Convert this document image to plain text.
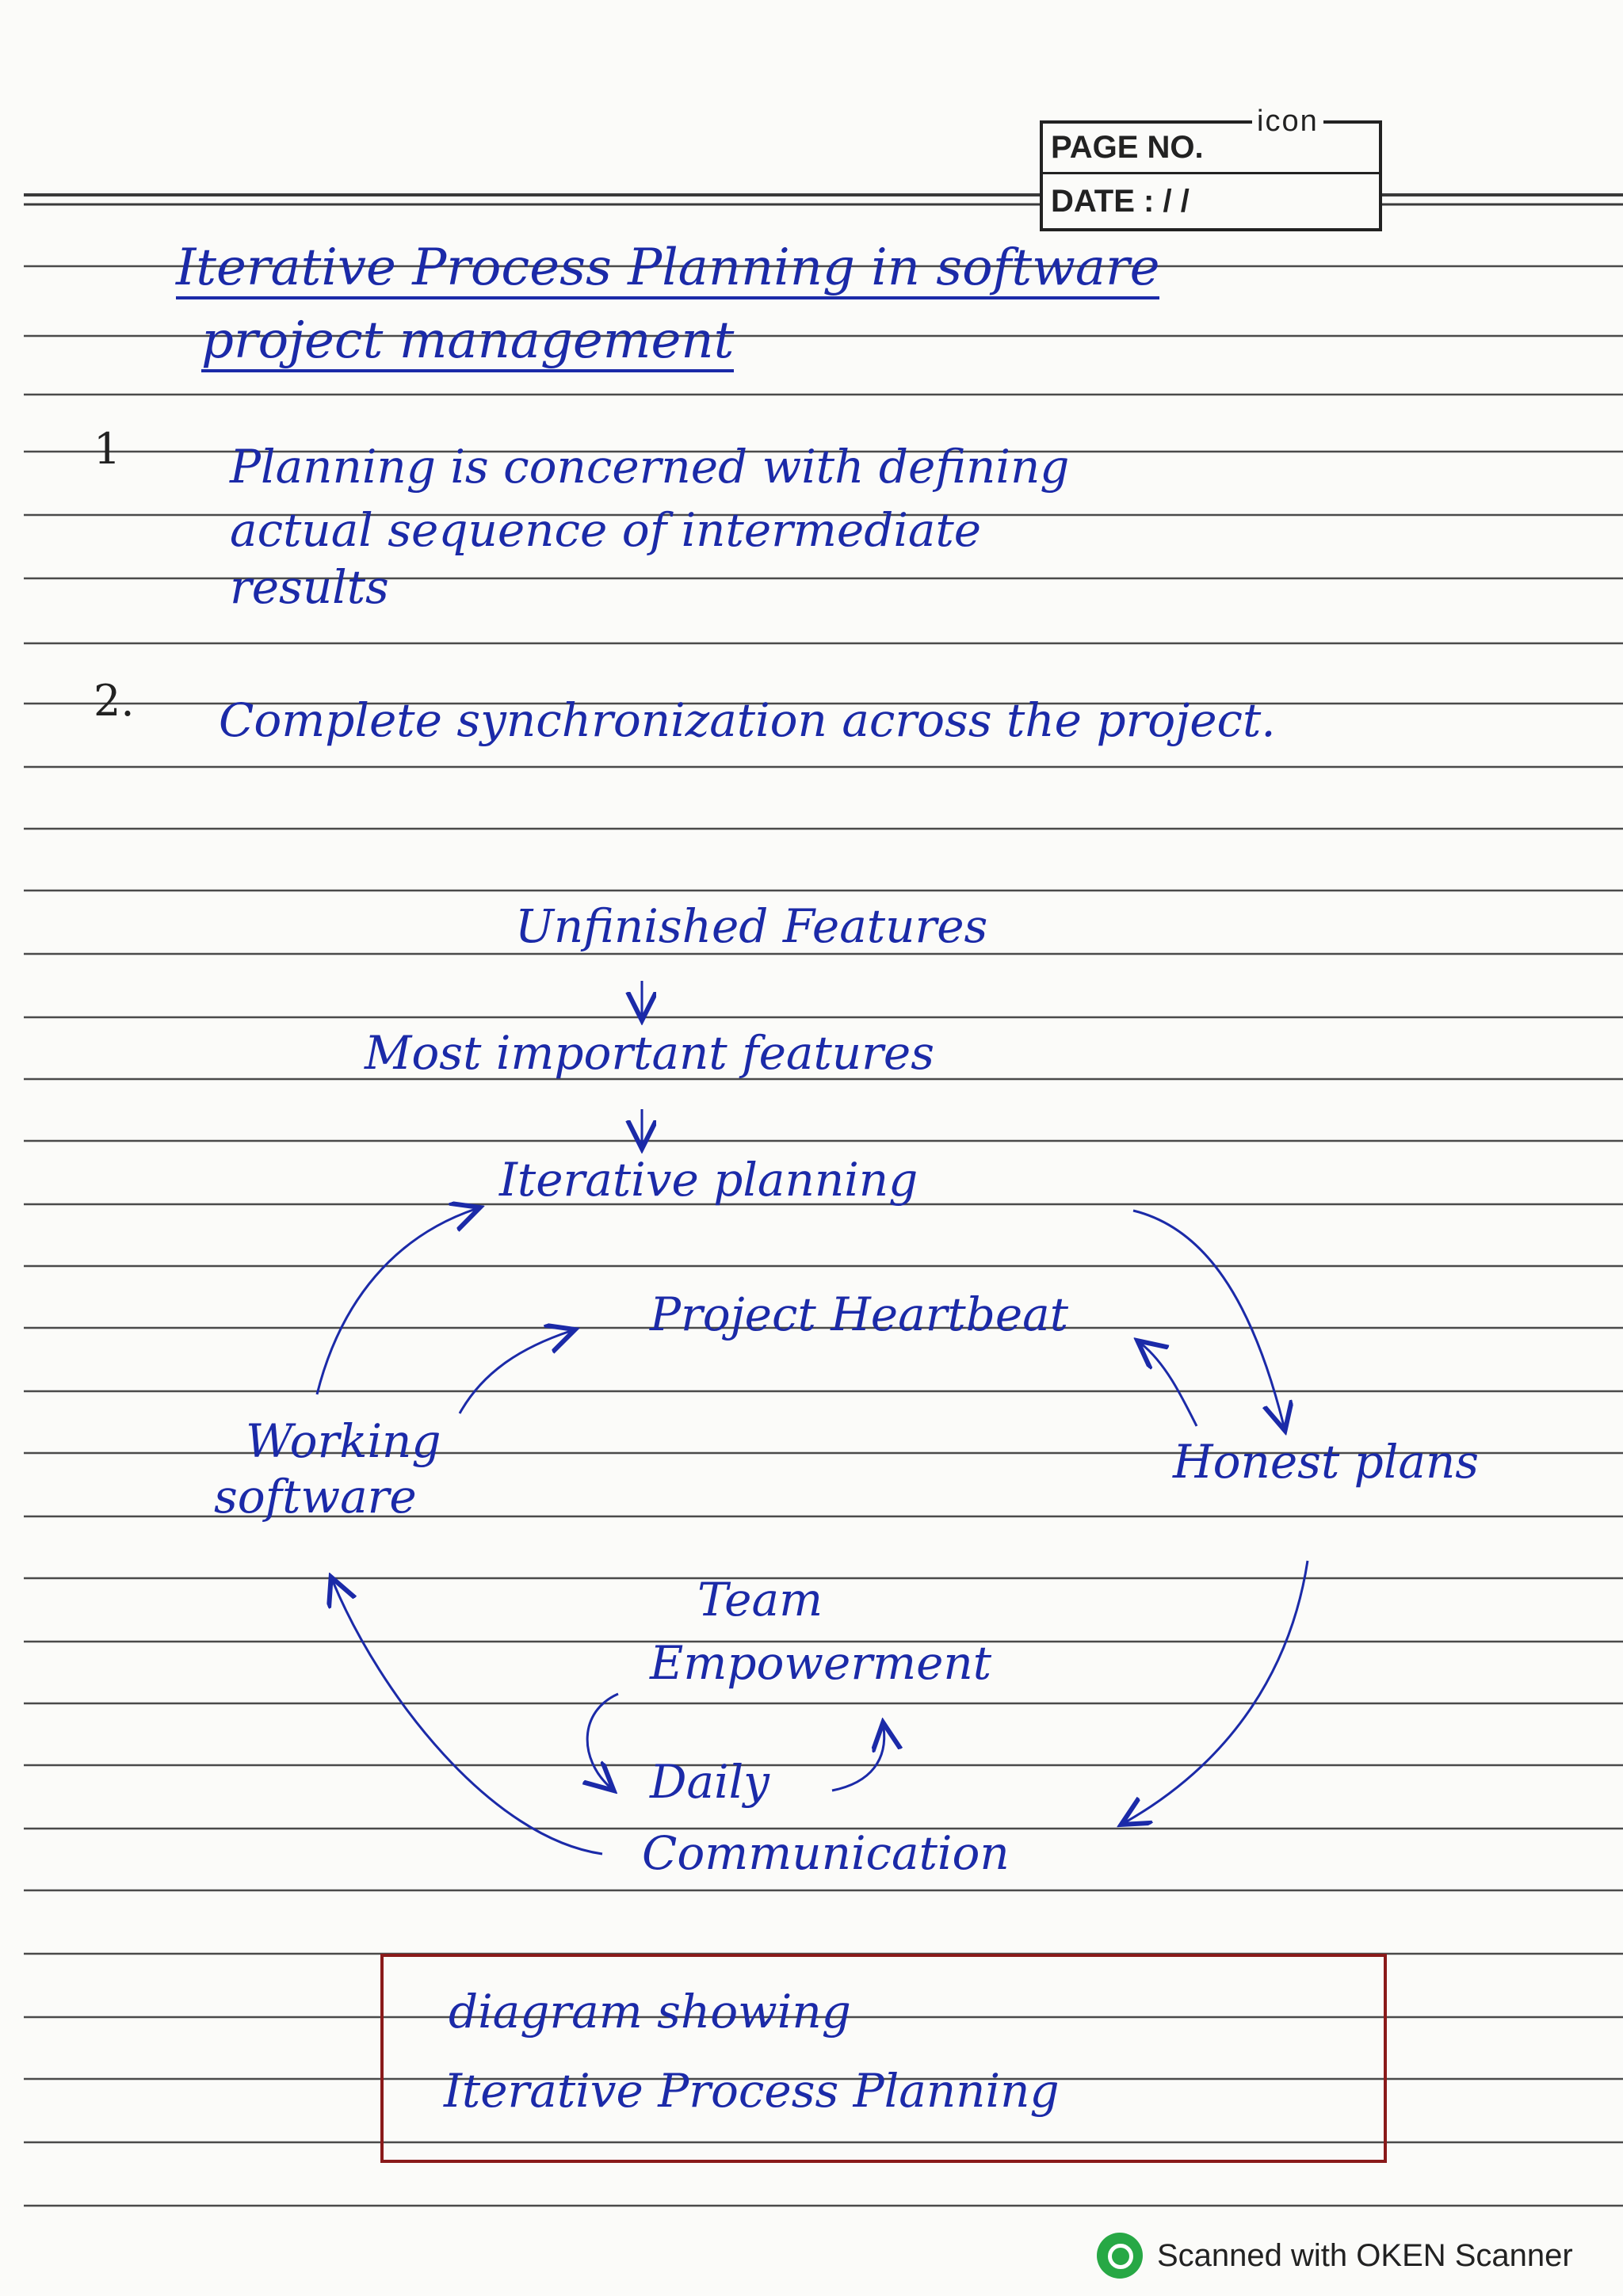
PAGE NO.
DATE : / /
icon
Iterative Process Planning in software
project management
1 Planning is concerned with defining
actual sequence of intermediate
results
2. Complete synchronization across the project.
Unfinished Features
Most important features
Iterative planning
Project Heartbeat
Working
software
Honest plans
Team
Empowerment
Daily
Communication
diagram showing
Iterative Process Planning
Scanned with OKEN Scanner
